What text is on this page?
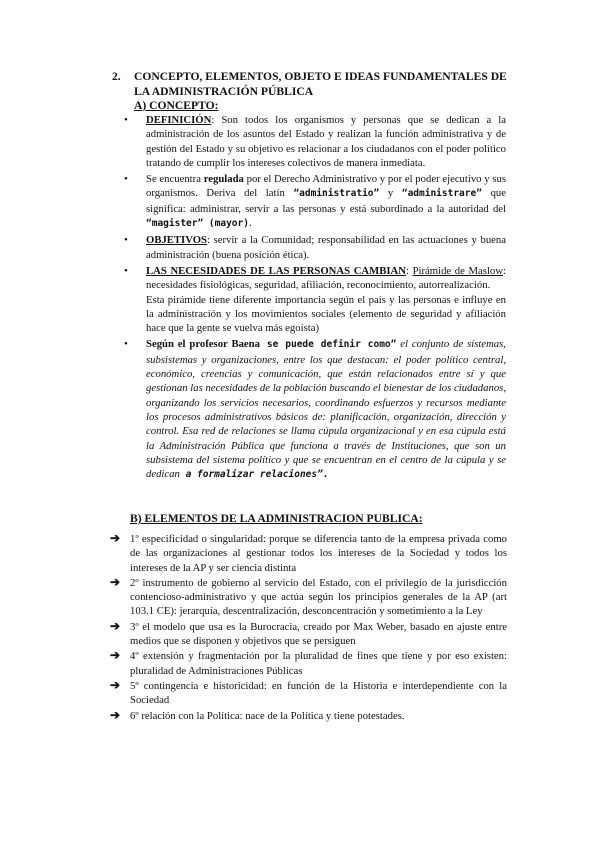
2.	CONCEPTO, ELEMENTOS, OBJETO E IDEAS FUNDAMENTALES DE LA ADMINISTRACIÓN PÚBLICA
A) CONCEPTO:
• DEFINICIÓN: Son todos los organismos y personas que se dedican a la administración de los asuntos del Estado y realizan la función administrativa y de gestión del Estado y su objetivo es relacionar a los ciudadanos con el poder político tratando de cumplir los intereses colectivos de manera inmediata.
• Se encuentra regulada por el Derecho Administrativo y por el poder ejecutivo y sus organismos. Deriva del latín “administratio” y “administrare” que significa: administrar, servir a las personas y está subordinado a la autoridad del “magister” (mayor).
• OBJETIVOS: servir a la Comunidad; responsabilidad en las actuaciones y buena administración (buena posición ética).
• LAS NECESIDADES DE LAS PERSONAS CAMBIAN: Pirámide de Maslow: necesidades fisiológicas, seguridad, afiliación, reconocimiento, autorrealización.
Esta pirámide tiene diferente importancia según el país y las personas e influye en la administración y los movimientos sociales (elemento de seguridad y afiliación hace que la gente se vuelva más egoísta)
• Según el profesor Baena se puede definir como” el conjunto de sistemas, subsistemas y organizaciones, entre los que destacan: el poder político central, económico, creencias y comunicación, que están relacionados entre sí y que gestionan las necesidades de la población buscando el bienestar de los ciudadanos, organizando los servicios necesarios, coordinando esfuerzos y recursos mediante los procesos administrativos básicos de: planificación, organización, dirección y control. Esa red de relaciones se llama cúpula organizacional y en esa cúpula está la Administración Pública que funciona a través de Instituciones, que son un subsistema del sistema político y que se encuentran en el centro de la cúpula y se dedican a formalizar relaciones”.
B) ELEMENTOS DE LA ADMINISTRACION PUBLICA:
➔ 1º especificidad o singularidad: porque se diferencia tanto de la empresa privada como de las organizaciones al gestionar todos los intereses de la Sociedad y todos los intereses de la AP y ser ciencia distinta
➔ 2º instrumento de gobierno al servicio del Estado, con el privilegio de la jurisdicción contencioso-administrativo y que actúa según los principios generales de la AP (art 103.1 CE): jerarquía, descentralización, desconcentración y sometimiento a la Ley
➔ 3º el modelo que usa es la Burocracia, creado por Max Weber, basado en ajuste entre medios que se disponen y objetivos que se persiguen
➔ 4º extensión y fragmentación por la pluralidad de fines que tiene y por eso existen: pluralidad de Administraciones Públicas
➔ 5º contingencia e historicidad: en función de la Historia e interdependiente con la Sociedad
➔ 6º relación con la Política: nace de la Política y tiene potestades.
